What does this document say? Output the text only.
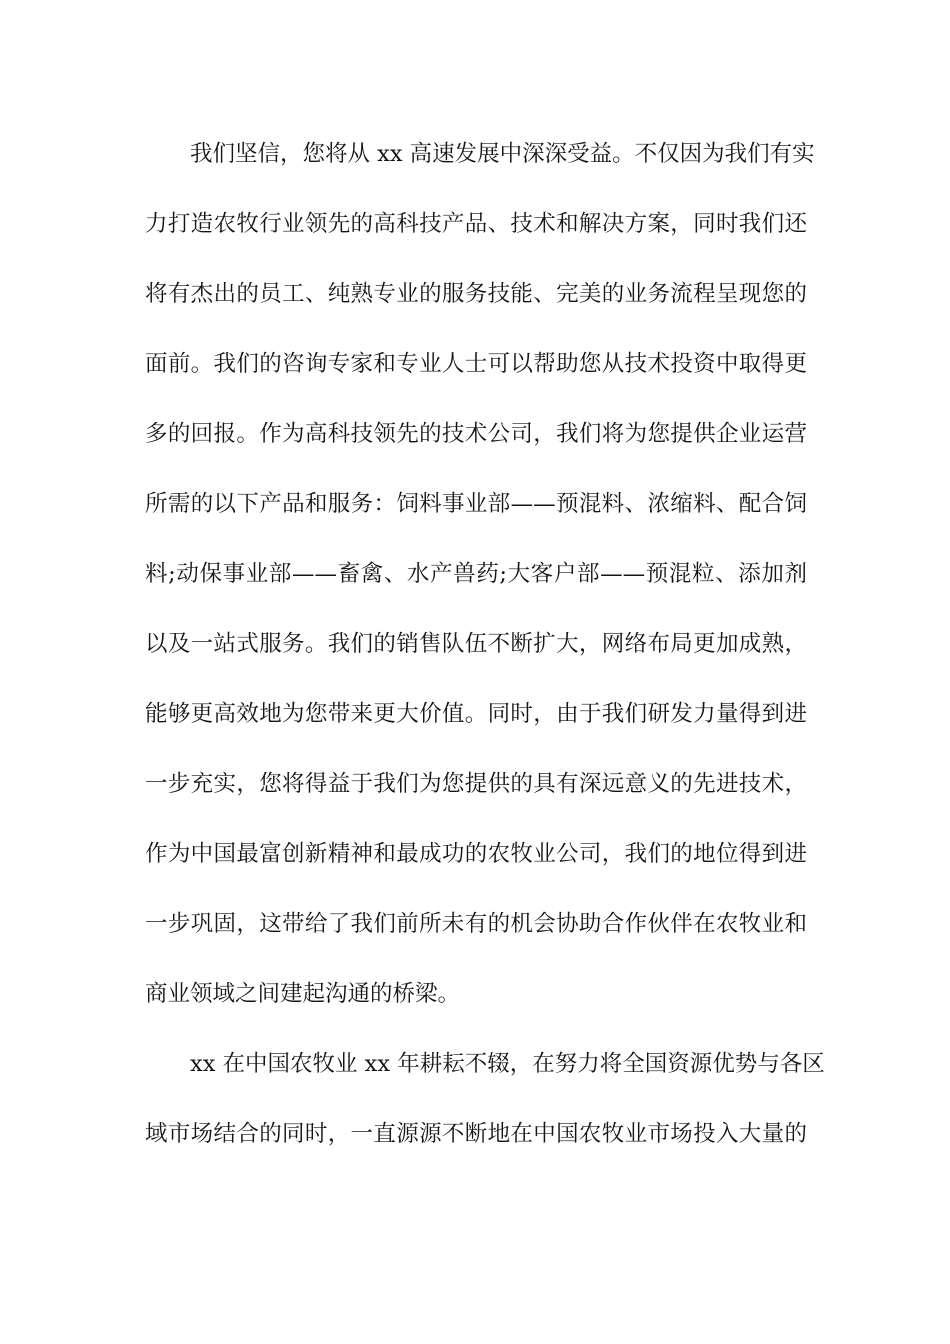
我们坚信，您将从 xx 高速发展中深深受益。不仅因为我们有实
力打造农牧行业领先的高科技产品、技术和解决方案，同时我们还
将有杰出的员工、纯熟专业的服务技能、完美的业务流程呈现您的
面前。我们的咨询专家和专业人士可以帮助您从技术投资中取得更
多的回报。作为高科技领先的技术公司，我们将为您提供企业运营
所需的以下产品和服务：饲料事业部——预混料、浓缩料、配合饲
料;动保事业部——畜禽、水产兽药;大客户部——预混粒、添加剂
以及一站式服务。我们的销售队伍不断扩大，网络布局更加成熟，
能够更高效地为您带来更大价值。同时，由于我们研发力量得到进
一步充实，您将得益于我们为您提供的具有深远意义的先进技术，
作为中国最富创新精神和最成功的农牧业公司，我们的地位得到进
一步巩固，这带给了我们前所未有的机会协助合作伙伴在农牧业和
商业领域之间建起沟通的桥梁。
xx 在中国农牧业 xx 年耕耘不辍，在努力将全国资源优势与各区
域市场结合的同时，一直源源不断地在中国农牧业市场投入大量的
